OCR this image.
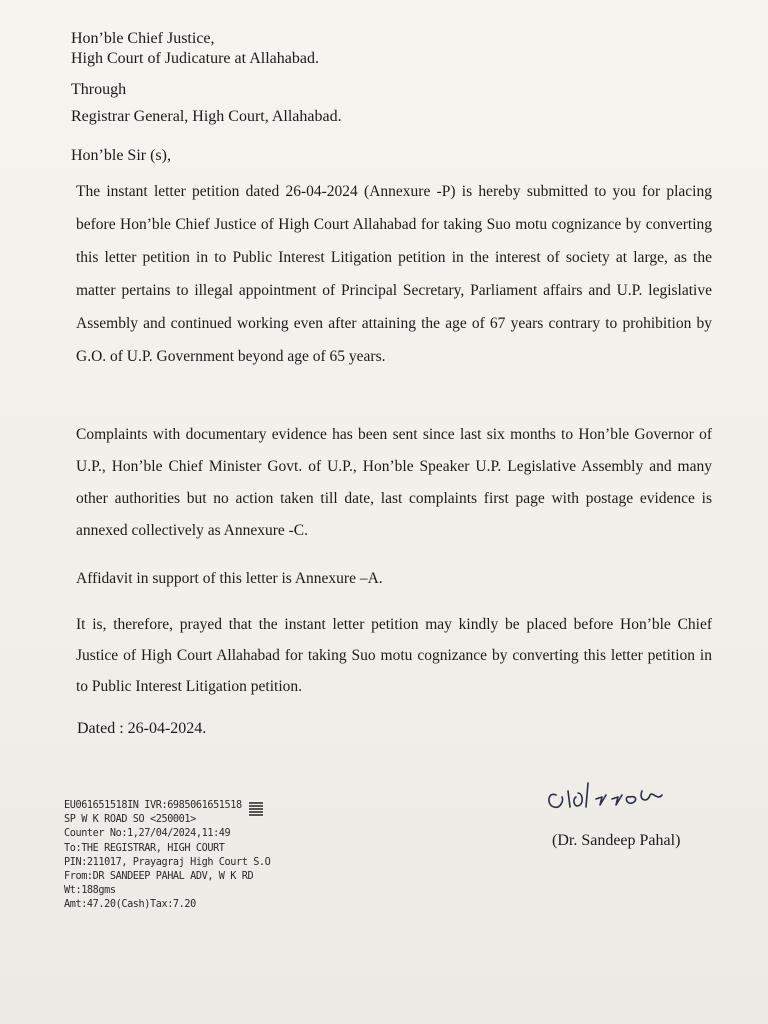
Hon’ble Chief Justice,
High Court of Judicature at Allahabad.
Through
Registrar General, High Court, Allahabad.
Hon’ble Sir (s),
The instant letter petition dated 26-04-2024 (Annexure -P) is hereby submitted to you for placing before Hon’ble Chief Justice of High Court Allahabad for taking Suo motu cognizance by converting this letter petition in to Public Interest Litigation petition in the interest of society at large, as the matter pertains to illegal appointment of Principal Secretary, Parliament affairs and U.P. legislative Assembly and continued working even after attaining the age of 67 years contrary to prohibition by G.O. of U.P. Government beyond age of 65 years.
Complaints with documentary evidence has been sent since last six months to Hon’ble Governor of U.P., Hon’ble Chief Minister Govt. of U.P., Hon’ble Speaker U.P. Legislative Assembly and many other authorities but no action taken till date, last complaints first page with postage evidence is annexed collectively as Annexure -C.
Affidavit in support of this letter is Annexure –A.
It is, therefore, prayed that the instant letter petition may kindly be placed before Hon’ble Chief Justice of High Court Allahabad for taking Suo motu cognizance by converting this letter petition in to Public Interest Litigation petition.
Dated : 26-04-2024.
EU061651518IN IVR:6985061651518
SP W K ROAD SO <250001>
Counter No:1,27/04/2024,11:49
To:THE REGISTRAR, HIGH COURT
PIN:211017, Prayagraj High Court S.O
From:DR SANDEEP PAHAL ADV, W K RD
Wt:188gms
Amt:47.20(Cash)Tax:7.20
(Dr. Sandeep Pahal)
